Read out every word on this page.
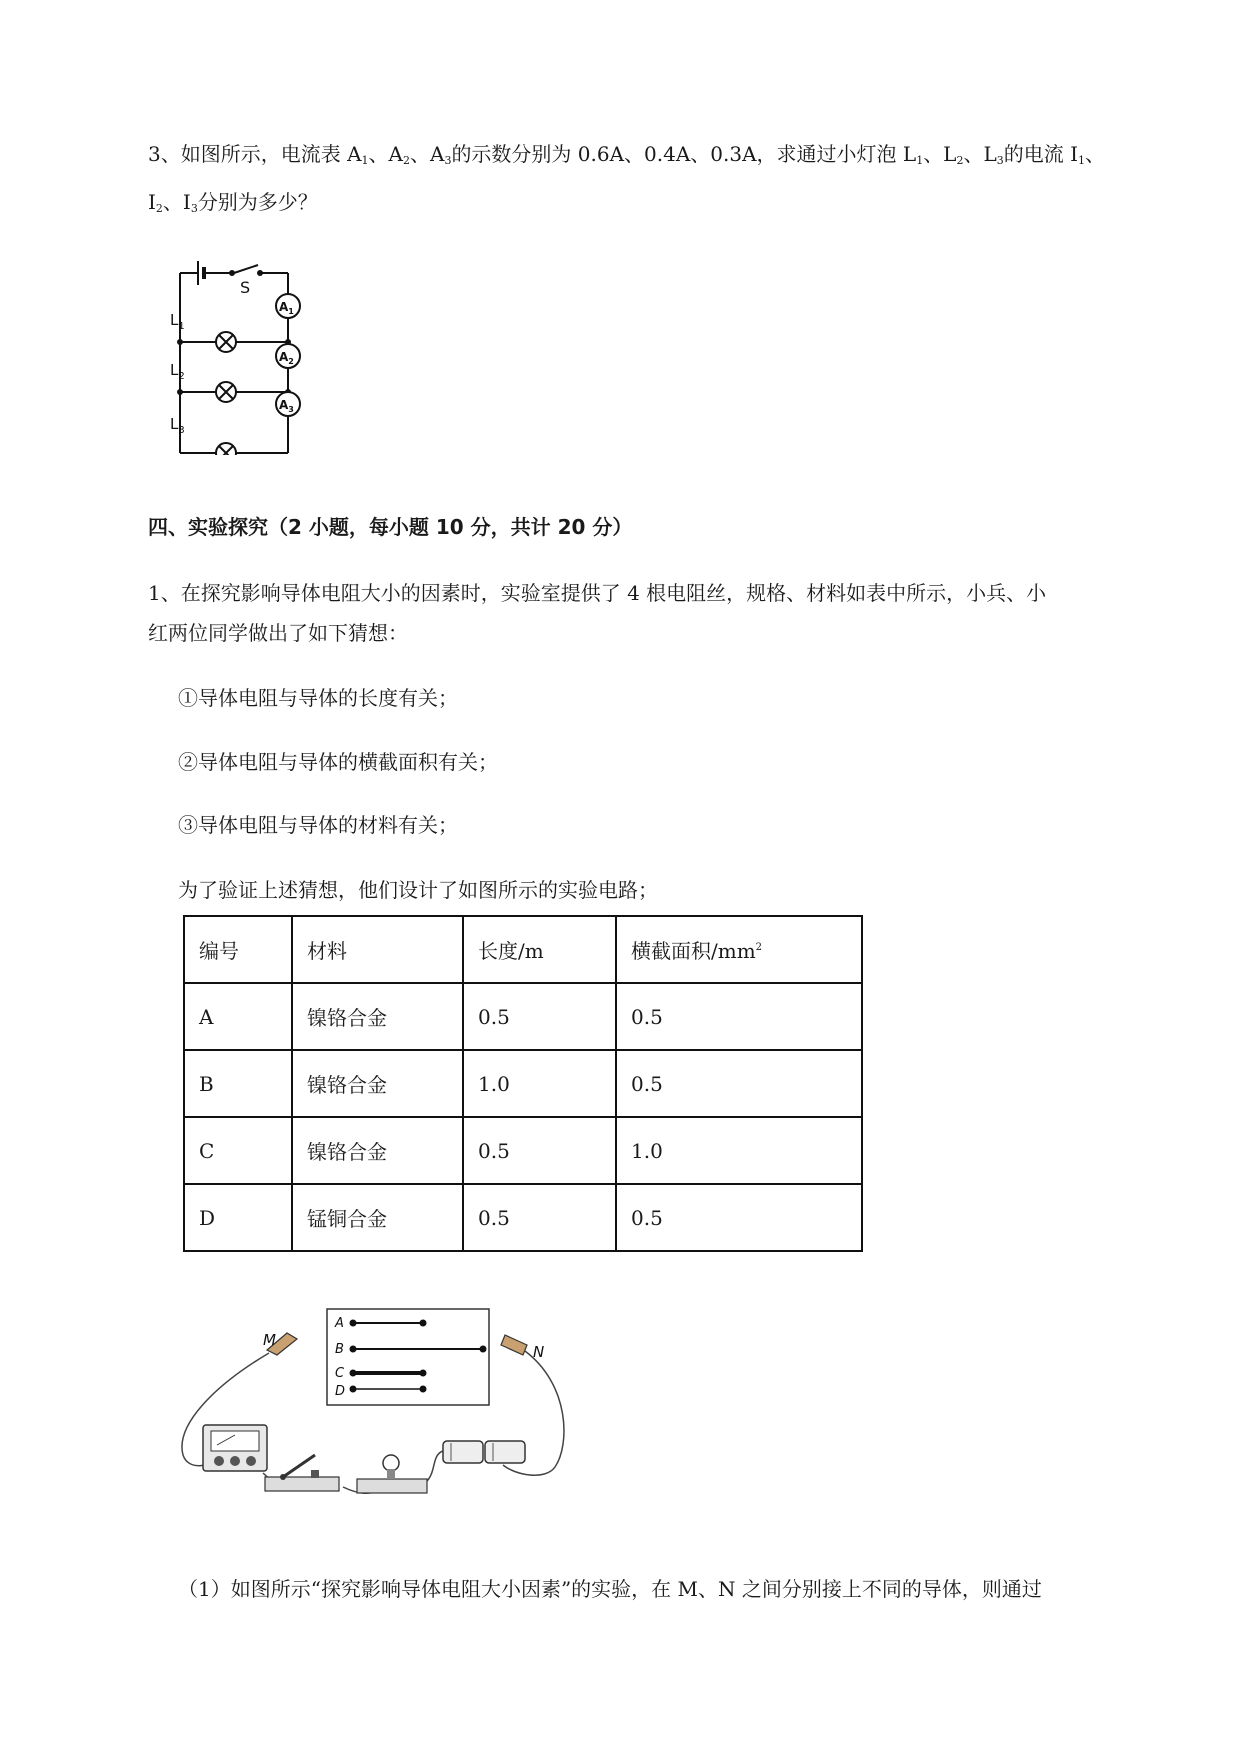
3、如图所示，电流表 $A_1$、$A_2$、$A_3$的示数分别为 0.6A、0.4A、0.3A，求通过小灯泡 $L_1$、$L_2$、$L_3$的电流 $I_1$、
$I_2$、$I_3$分别为多少？
S
$A_1$
$A_2$
$A_3$
$L_1$
$L_2$
$L_3$
四、实验探究（2 小题，每小题 10 分，共计 20 分）
1、在探究影响导体电阻大小的因素时，实验室提供了 4 根电阻丝，规格、材料如表中所示，小兵、小
红两位同学做出了如下猜想：
①导体电阻与导体的长度有关；
②导体电阻与导体的横截面积有关；
③导体电阻与导体的材料有关；
为了验证上述猜想，他们设计了如图所示的实验电路；
编号	材料	长度/m	横截面积$/mm^2$
A	镍铬合金	0.5	0.5
B	镍铬合金	1.0	0.5
C	镍铬合金	0.5	1.0
D	锰铜合金	0.5	0.5
A
B
C
D
M
N
（1）如图所示“探究影响导体电阻大小因素”的实验，在 M、N 之间分别接上不同的导体，则通过
